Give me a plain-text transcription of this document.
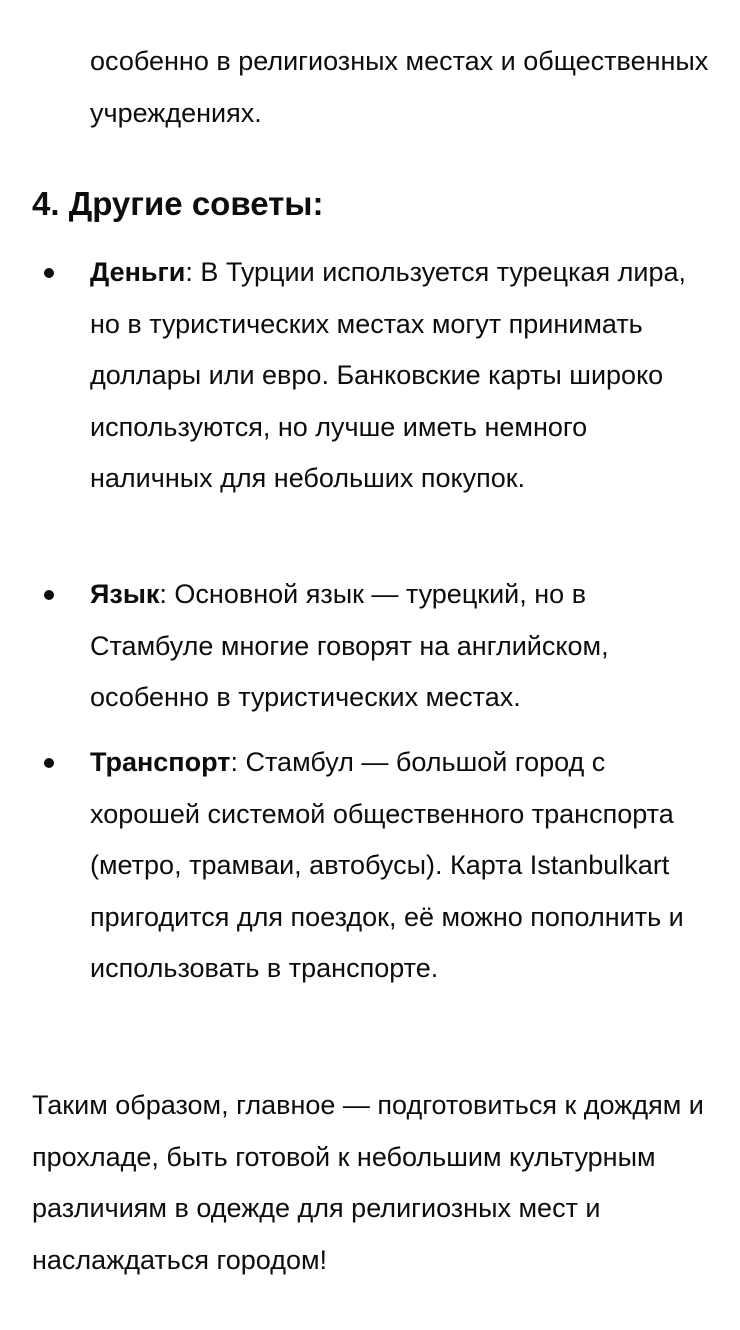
особенно в религиозных местах и общественных учреждениях.

4. Другие советы:
Деньги: В Турции используется турецкая лира, но в туристических местах могут принимать доллары или евро. Банковские карты широко используются, но лучше иметь немного наличных для небольших покупок.
Язык: Основной язык — турецкий, но в Стамбуле многие говорят на английском, особенно в туристических местах.
Транспорт: Стамбул — большой город с хорошей системой общественного транспорта (метро, трамваи, автобусы). Карта Istanbulkart пригодится для поездок, её можно пополнить и использовать в транспорте.

Таким образом, главное — подготовиться к дождям и прохладе, быть готовой к небольшим культурным различиям в одежде для религиозных мест и наслаждаться городом!
